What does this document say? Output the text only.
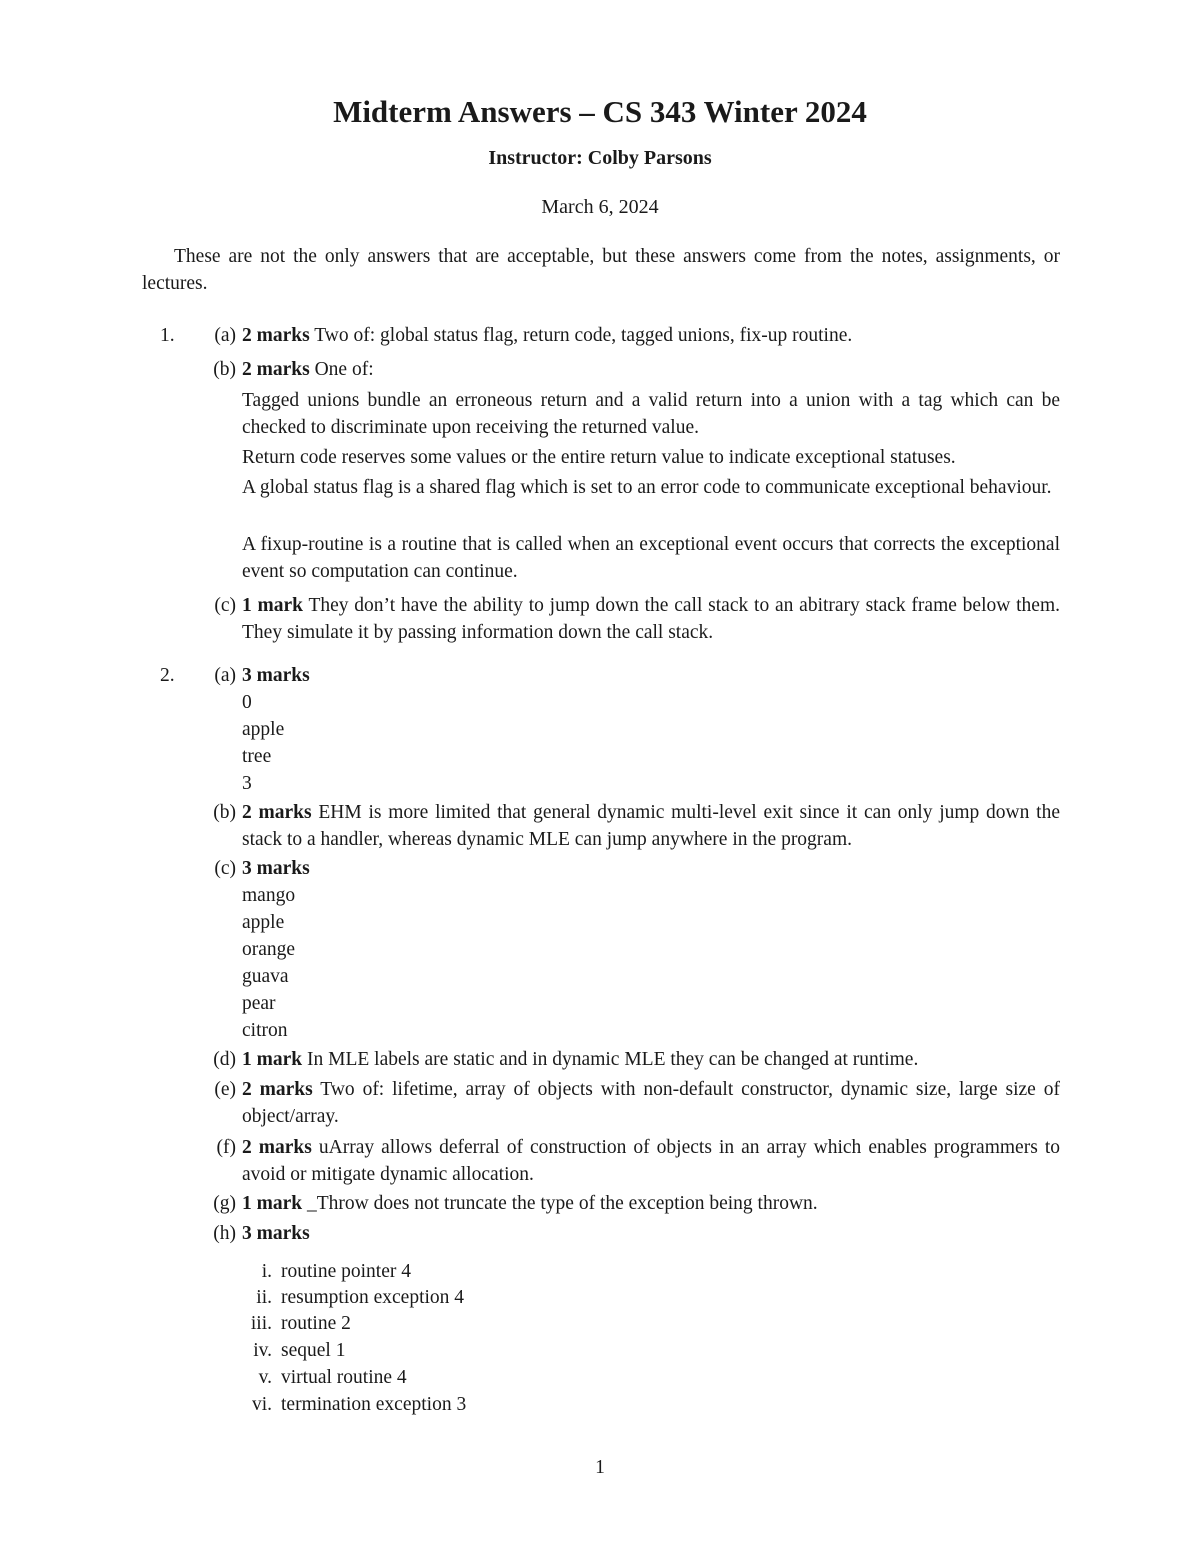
Midterm Answers – CS 343 Winter 2024
Instructor: Colby Parsons
March 6, 2024
These are not the only answers that are acceptable, but these answers come from the notes, assignments, or lectures.
1.	(a) 2 marks Two of: global status flag, return code, tagged unions, fix-up routine.
(b) 2 marks One of:
Tagged unions bundle an erroneous return and a valid return into a union with a tag which can be checked to discriminate upon receiving the returned value.
Return code reserves some values or the entire return value to indicate exceptional statuses.
A global status flag is a shared flag which is set to an error code to communicate exceptional behaviour.
A fixup-routine is a routine that is called when an exceptional event occurs that corrects the exceptional event so computation can continue.
(c) 1 mark They don’t have the ability to jump down the call stack to an abitrary stack frame below them. They simulate it by passing information down the call stack.
2.	(a) 3 marks
0
apple
tree
3
(b) 2 marks EHM is more limited that general dynamic multi-level exit since it can only jump down the stack to a handler, whereas dynamic MLE can jump anywhere in the program.
(c) 3 marks
mango
apple
orange
guava
pear
citron
(d) 1 mark In MLE labels are static and in dynamic MLE they can be changed at runtime.
(e) 2 marks Two of: lifetime, array of objects with non-default constructor, dynamic size, large size of object/array.
(f) 2 marks uArray allows deferral of construction of objects in an array which enables programmers to avoid or mitigate dynamic allocation.
(g) 1 mark _Throw does not truncate the type of the exception being thrown.
(h) 3 marks
i. routine pointer 4
ii. resumption exception 4
iii. routine 2
iv. sequel 1
v. virtual routine 4
vi. termination exception 3
1
